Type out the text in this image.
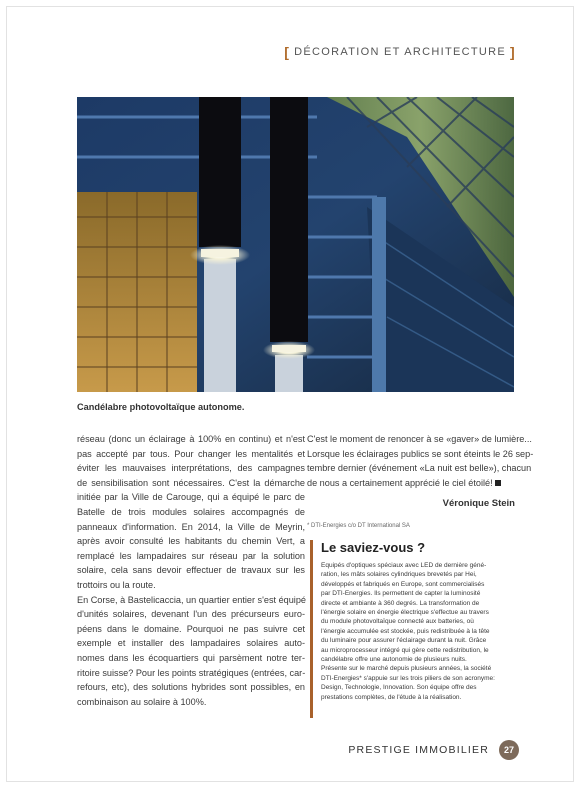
[ DÉCORATION ET ARCHITECTURE ]
Candélabre photovoltaïque autonome.

réseau (donc un éclairage à 100% en continu) et n'est
pas accepté par tous. Pour changer les mentalités et
éviter les mauvaises interprétations, des campagnes
de sensibilisation sont nécessaires. C'est la démarche
initiée par la Ville de Carouge, qui a équipé le parc de
Batelle de trois modules solaires accompagnés de
panneaux d'information. En 2014, la Ville de Meyrin,
après avoir consulté les habitants du chemin Vert, a
remplacé les lampadaires sur réseau par la solution
solaire, cela sans devoir effectuer de travaux sur les
trottoirs ou la route.
En Corse, à Bastelicaccia, un quartier entier s'est équipé
d'unités solaires, devenant l'un des précurseurs euro-
péens dans le domaine. Pourquoi ne pas suivre cet
exemple et installer des lampadaires solaires auto-
nomes dans les écoquartiers qui parsèment notre ter-
ritoire suisse? Pour les points stratégiques (entrées, car-
refours, etc), des solutions hybrides sont possibles, en
combinaison au solaire à 100%.

C'est le moment de renoncer à se «gaver» de lumière...
Lorsque les éclairages publics se sont éteints le 26 sep-
tembre dernier (événement «La nuit est belle»), chacun
de nous a certainement apprécié le ciel étoilé!

Véronique Stein
* DTI-Energies c/o DT International SA
Le saviez-vous ?

Equipés d'optiques spéciaux avec LED de dernière géné-
ration, les mâts solaires cylindriques brevetés par Hei,
développés et fabriqués en Europe, sont commercialisés
par DTI-Energies. Ils permettent de capter la luminosité
directe et ambiante à 360 degrés. La transformation de
l'énergie solaire en énergie électrique s'effectue au travers
du module photovoltaïque connecté aux batteries, où
l'énergie accumulée est stockée, puis redistribuée à la tête
du luminaire pour assurer l'éclairage durant la nuit. Grâce
au microprocesseur intégré qui gère cette redistribution, le
candélabre offre une autonomie de plusieurs nuits.
Présente sur le marché depuis plusieurs années, la société
DTI-Energies* s'appuie sur les trois piliers de son acronyme:
Design, Technologie, Innovation. Son équipe offre des
prestations complètes, de l'étude à la réalisation.

PRESTIGE IMMOBILIER	27
